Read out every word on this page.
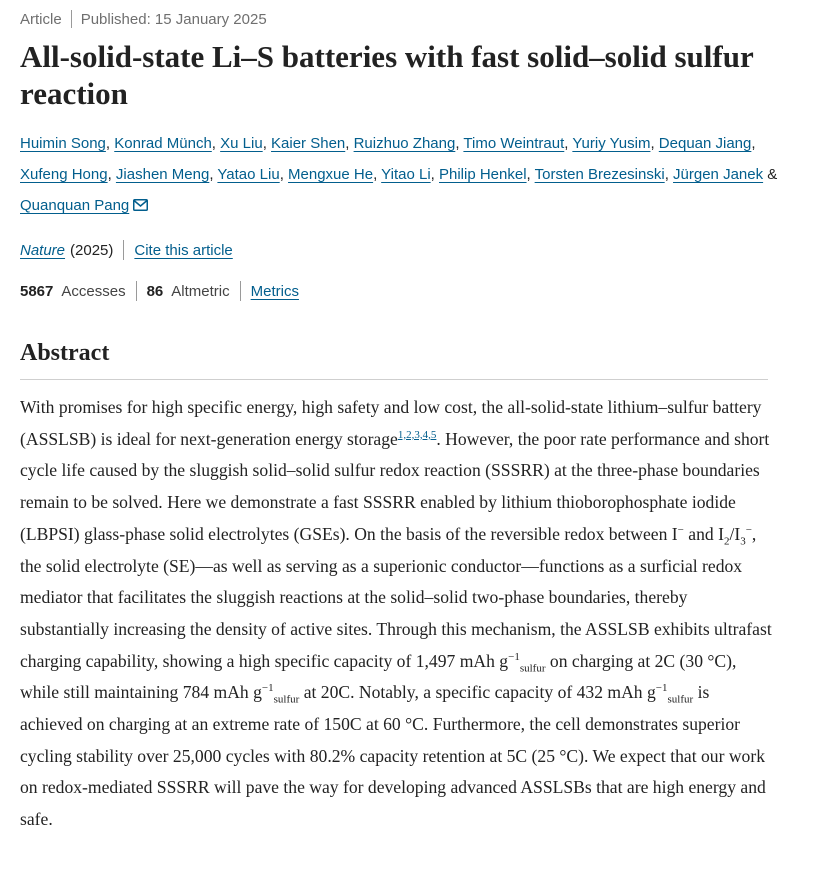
Article Published: 15 January 2025
All-solid-state Li–S batteries with fast solid–solid sulfur reaction

Huimin Song, Konrad Münch, Xu Liu, Kaier Shen, Ruizhuo Zhang, Timo Weintraut, Yuriy Yusim, Dequan Jiang, Xufeng Hong, Jiashen Meng, Yatao Liu, Mengxue He, Yitao Li, Philip Henkel, Torsten Brezesinski, Jürgen Janek & Quanquan Pang

Nature (2025) Cite this article
5867 Accesses 86 Altmetric Metrics
Abstract

With promises for high specific energy, high safety and low cost, the all-solid-state lithium–sulfur battery (ASSLSB) is ideal for next-generation energy storage$^{1,2,3,4,5}$. However, the poor rate performance and short cycle life caused by the sluggish solid–solid sulfur redox reaction (SSSRR) at the three-phase boundaries remain to be solved. Here we demonstrate a fast SSSRR enabled by lithium thioborophosphate iodide (LBPSI) glass-phase solid electrolytes (GSEs). On the basis of the reversible redox between I− and $I_2/I_3^-$, the solid electrolyte (SE)—as well as serving as a superionic conductor—functions as a surficial redox mediator that facilitates the sluggish reactions at the solid–solid two-phase boundaries, thereby substantially increasing the density of active sites. Through this mechanism, the ASSLSB exhibits ultrafast charging capability, showing a high specific capacity of 1,497 mAh $g^{-1}_{sulfur}$ on charging at 2C (30 °C), while still maintaining 784 mAh $g^{-1}_{sulfur}$ at 20C. Notably, a specific capacity of 432 mAh $g^{-1}_{sulfur}$ is achieved on charging at an extreme rate of 150C at 60 °C. Furthermore, the cell demonstrates superior cycling stability over 25,000 cycles with 80.2% capacity retention at 5C (25 °C). We expect that our work on redox-mediated SSSRR will pave the way for developing advanced ASSLSBs that are high energy and safe.
